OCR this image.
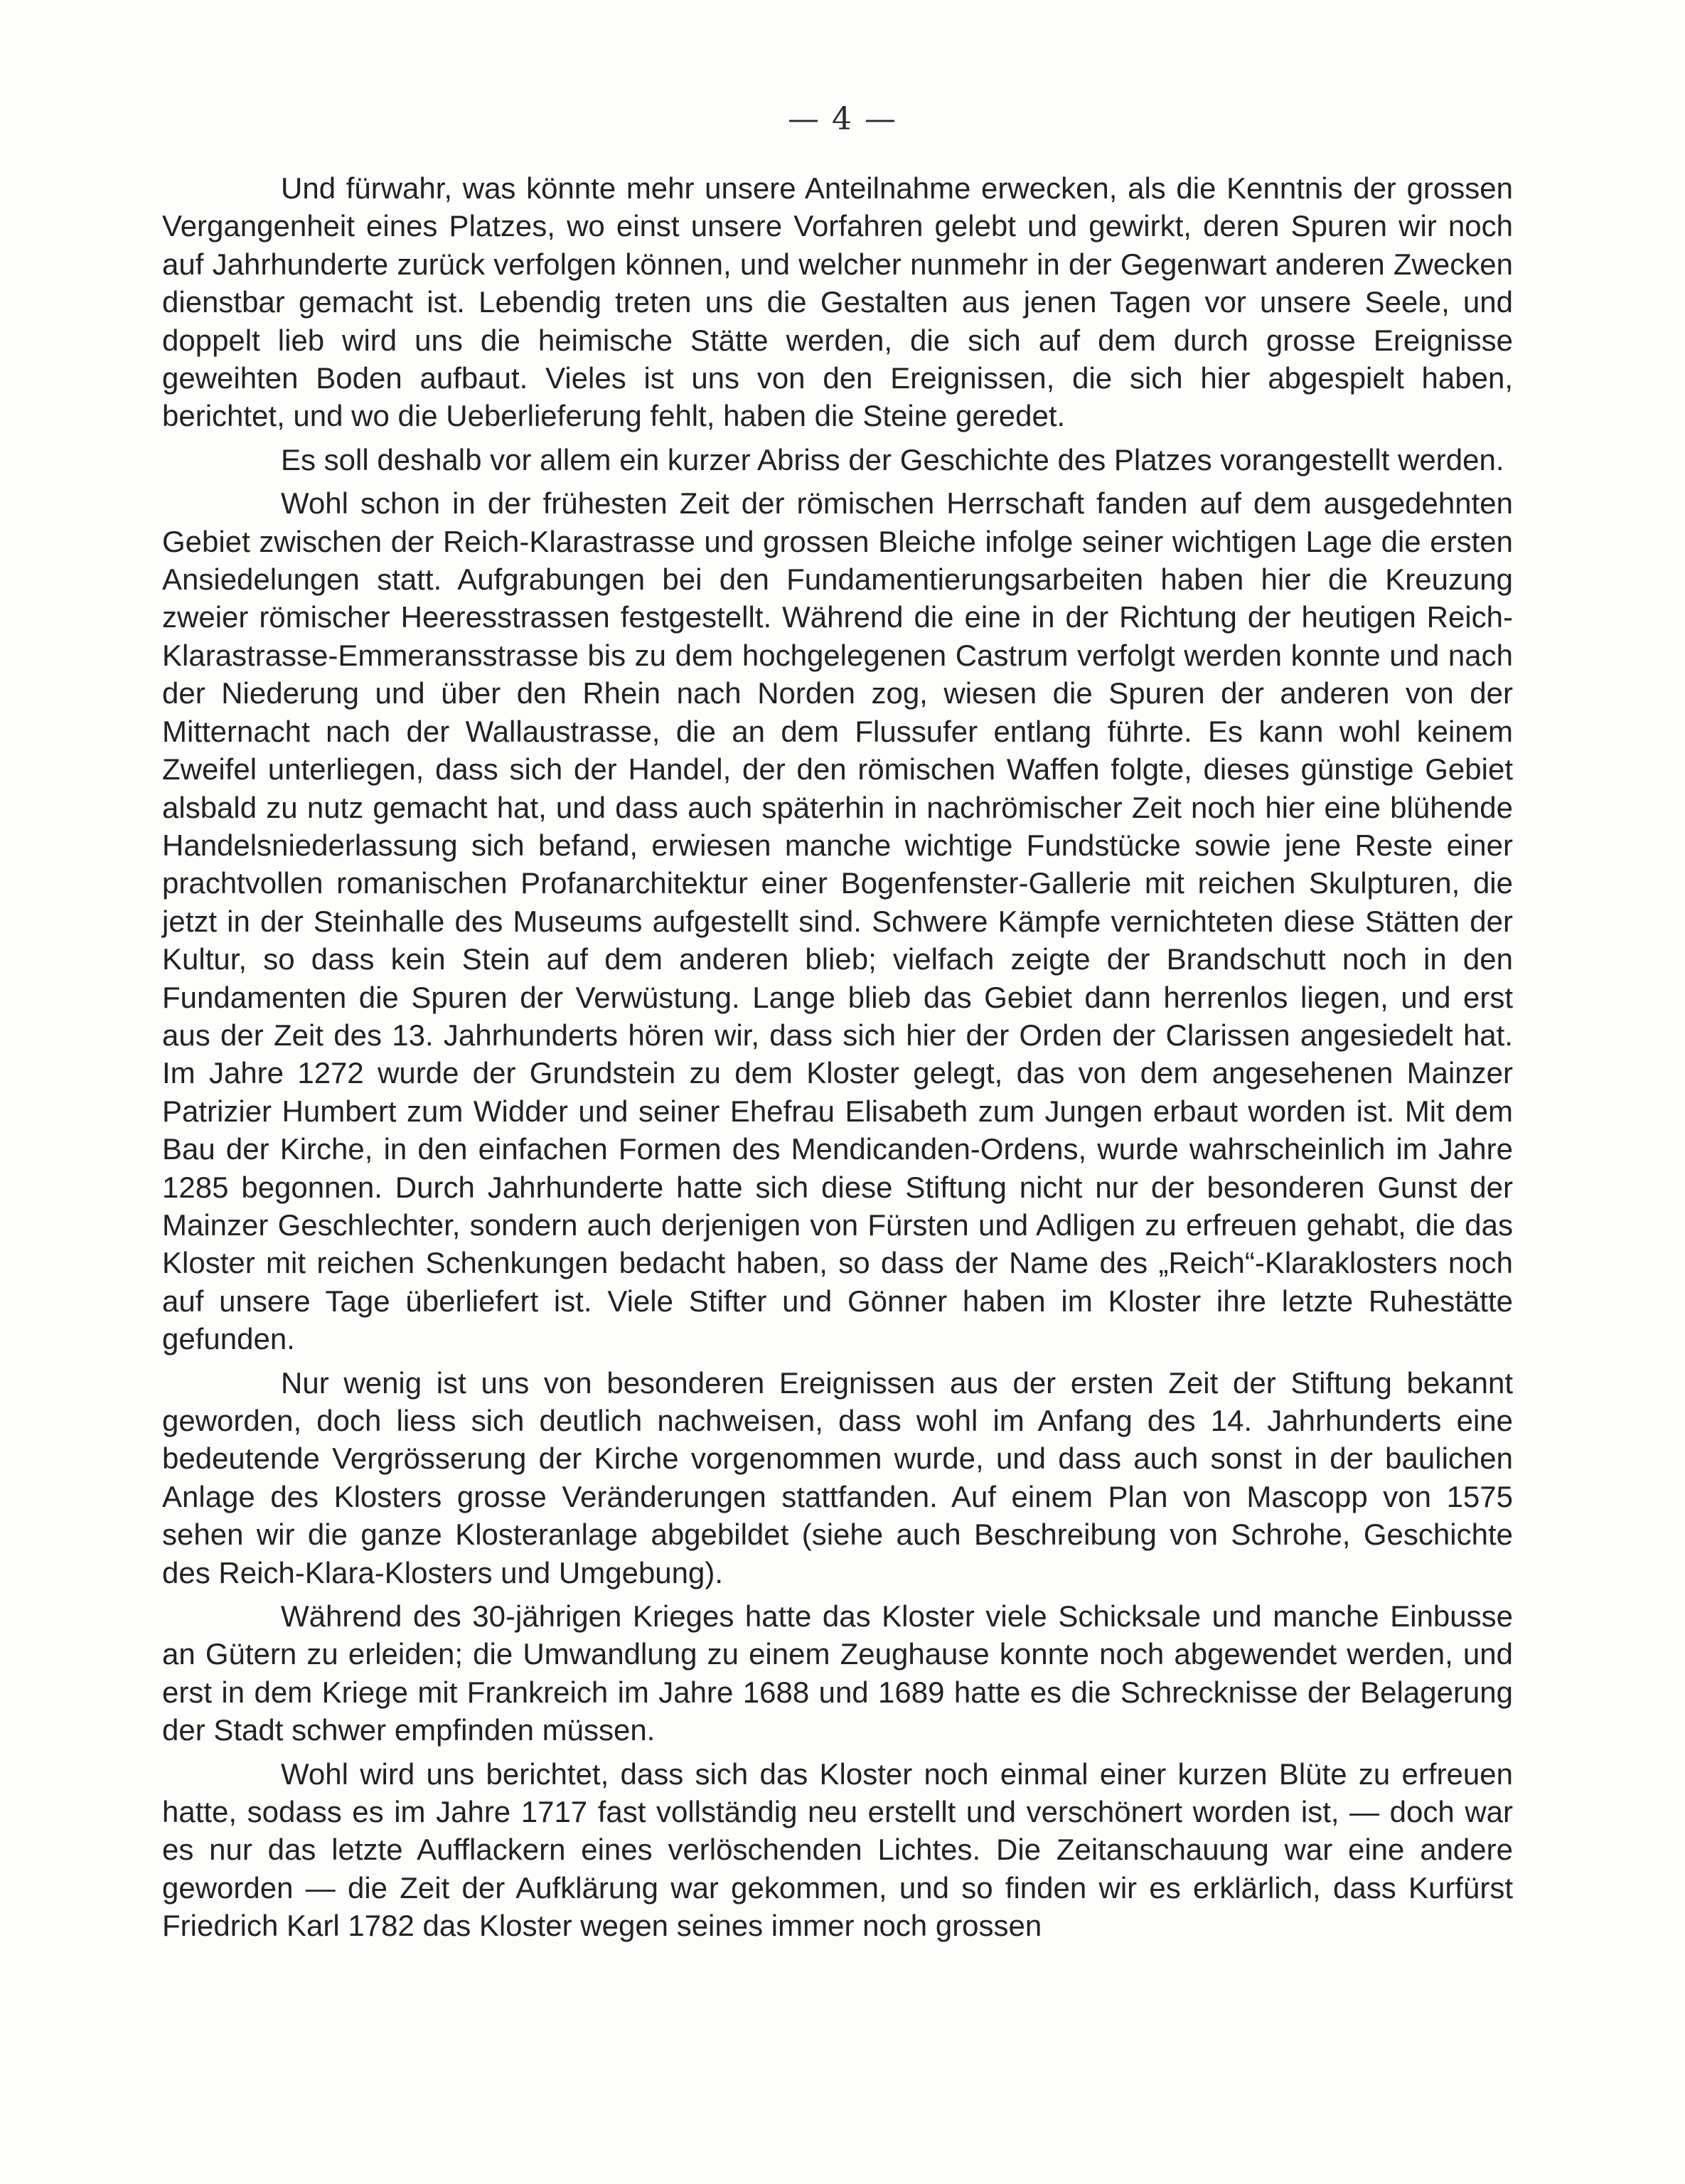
— 4 —

Und fürwahr, was könnte mehr unsere Anteilnahme erwecken, als die Kenntnis der grossen Vergangenheit eines Platzes, wo einst unsere Vorfahren gelebt und gewirkt, deren Spuren wir noch auf Jahrhunderte zurück verfolgen können, und welcher nunmehr in der Gegenwart anderen Zwecken dienstbar gemacht ist. Lebendig treten uns die Gestalten aus jenen Tagen vor unsere Seele, und doppelt lieb wird uns die heimische Stätte werden, die sich auf dem durch grosse Ereignisse geweihten Boden aufbaut. Vieles ist uns von den Ereignissen, die sich hier abgespielt haben, berichtet, und wo die Ueberlieferung fehlt, haben die Steine geredet.

Es soll deshalb vor allem ein kurzer Abriss der Geschichte des Platzes vorangestellt werden.

Wohl schon in der frühesten Zeit der römischen Herrschaft fanden auf dem ausgedehnten Gebiet zwischen der Reich-Klarastrasse und grossen Bleiche infolge seiner wichtigen Lage die ersten Ansiedelungen statt. Aufgrabungen bei den Fundamentierungsarbeiten haben hier die Kreuzung zweier römischer Heeresstrassen festgestellt. Während die eine in der Richtung der heutigen Reich-Klarastrasse-Emmeransstrasse bis zu dem hochgelegenen Castrum verfolgt werden konnte und nach der Niederung und über den Rhein nach Norden zog, wiesen die Spuren der anderen von der Mitternacht nach der Wallaustrasse, die an dem Flussufer entlang führte. Es kann wohl keinem Zweifel unterliegen, dass sich der Handel, der den römischen Waffen folgte, dieses günstige Gebiet alsbald zu nutz gemacht hat, und dass auch späterhin in nachrömischer Zeit noch hier eine blühende Handelsniederlassung sich befand, erwiesen manche wichtige Fundstücke sowie jene Reste einer prachtvollen romanischen Profanarchitektur einer Bogenfenster-Gallerie mit reichen Skulpturen, die jetzt in der Steinhalle des Museums aufgestellt sind. Schwere Kämpfe vernichteten diese Stätten der Kultur, so dass kein Stein auf dem anderen blieb; vielfach zeigte der Brandschutt noch in den Fundamenten die Spuren der Verwüstung. Lange blieb das Gebiet dann herrenlos liegen, und erst aus der Zeit des 13. Jahrhunderts hören wir, dass sich hier der Orden der Clarissen angesiedelt hat. Im Jahre 1272 wurde der Grundstein zu dem Kloster gelegt, das von dem angesehenen Mainzer Patrizier Humbert zum Widder und seiner Ehefrau Elisabeth zum Jungen erbaut worden ist. Mit dem Bau der Kirche, in den einfachen Formen des Mendicanden-Ordens, wurde wahrscheinlich im Jahre 1285 begonnen. Durch Jahrhunderte hatte sich diese Stiftung nicht nur der besonderen Gunst der Mainzer Geschlechter, sondern auch derjenigen von Fürsten und Adligen zu erfreuen gehabt, die das Kloster mit reichen Schenkungen bedacht haben, so dass der Name des „Reich“-Klaraklosters noch auf unsere Tage überliefert ist. Viele Stifter und Gönner haben im Kloster ihre letzte Ruhestätte gefunden.

Nur wenig ist uns von besonderen Ereignissen aus der ersten Zeit der Stiftung bekannt geworden, doch liess sich deutlich nachweisen, dass wohl im Anfang des 14. Jahrhunderts eine bedeutende Vergrösserung der Kirche vorgenommen wurde, und dass auch sonst in der baulichen Anlage des Klosters grosse Veränderungen stattfanden. Auf einem Plan von Mascopp von 1575 sehen wir die ganze Klosteranlage abgebildet (siehe auch Beschreibung von Schrohe, Geschichte des Reich-Klara-Klosters und Umgebung).

Während des 30-jährigen Krieges hatte das Kloster viele Schicksale und manche Einbusse an Gütern zu erleiden; die Umwandlung zu einem Zeughause konnte noch abgewendet werden, und erst in dem Kriege mit Frankreich im Jahre 1688 und 1689 hatte es die Schrecknisse der Belagerung der Stadt schwer empfinden müssen.

Wohl wird uns berichtet, dass sich das Kloster noch einmal einer kurzen Blüte zu erfreuen hatte, sodass es im Jahre 1717 fast vollständig neu erstellt und verschönert worden ist, — doch war es nur das letzte Aufflackern eines verlöschenden Lichtes. Die Zeitanschauung war eine andere geworden — die Zeit der Aufklärung war gekommen, und so finden wir es erklärlich, dass Kurfürst Friedrich Karl 1782 das Kloster wegen seines immer noch grossen
